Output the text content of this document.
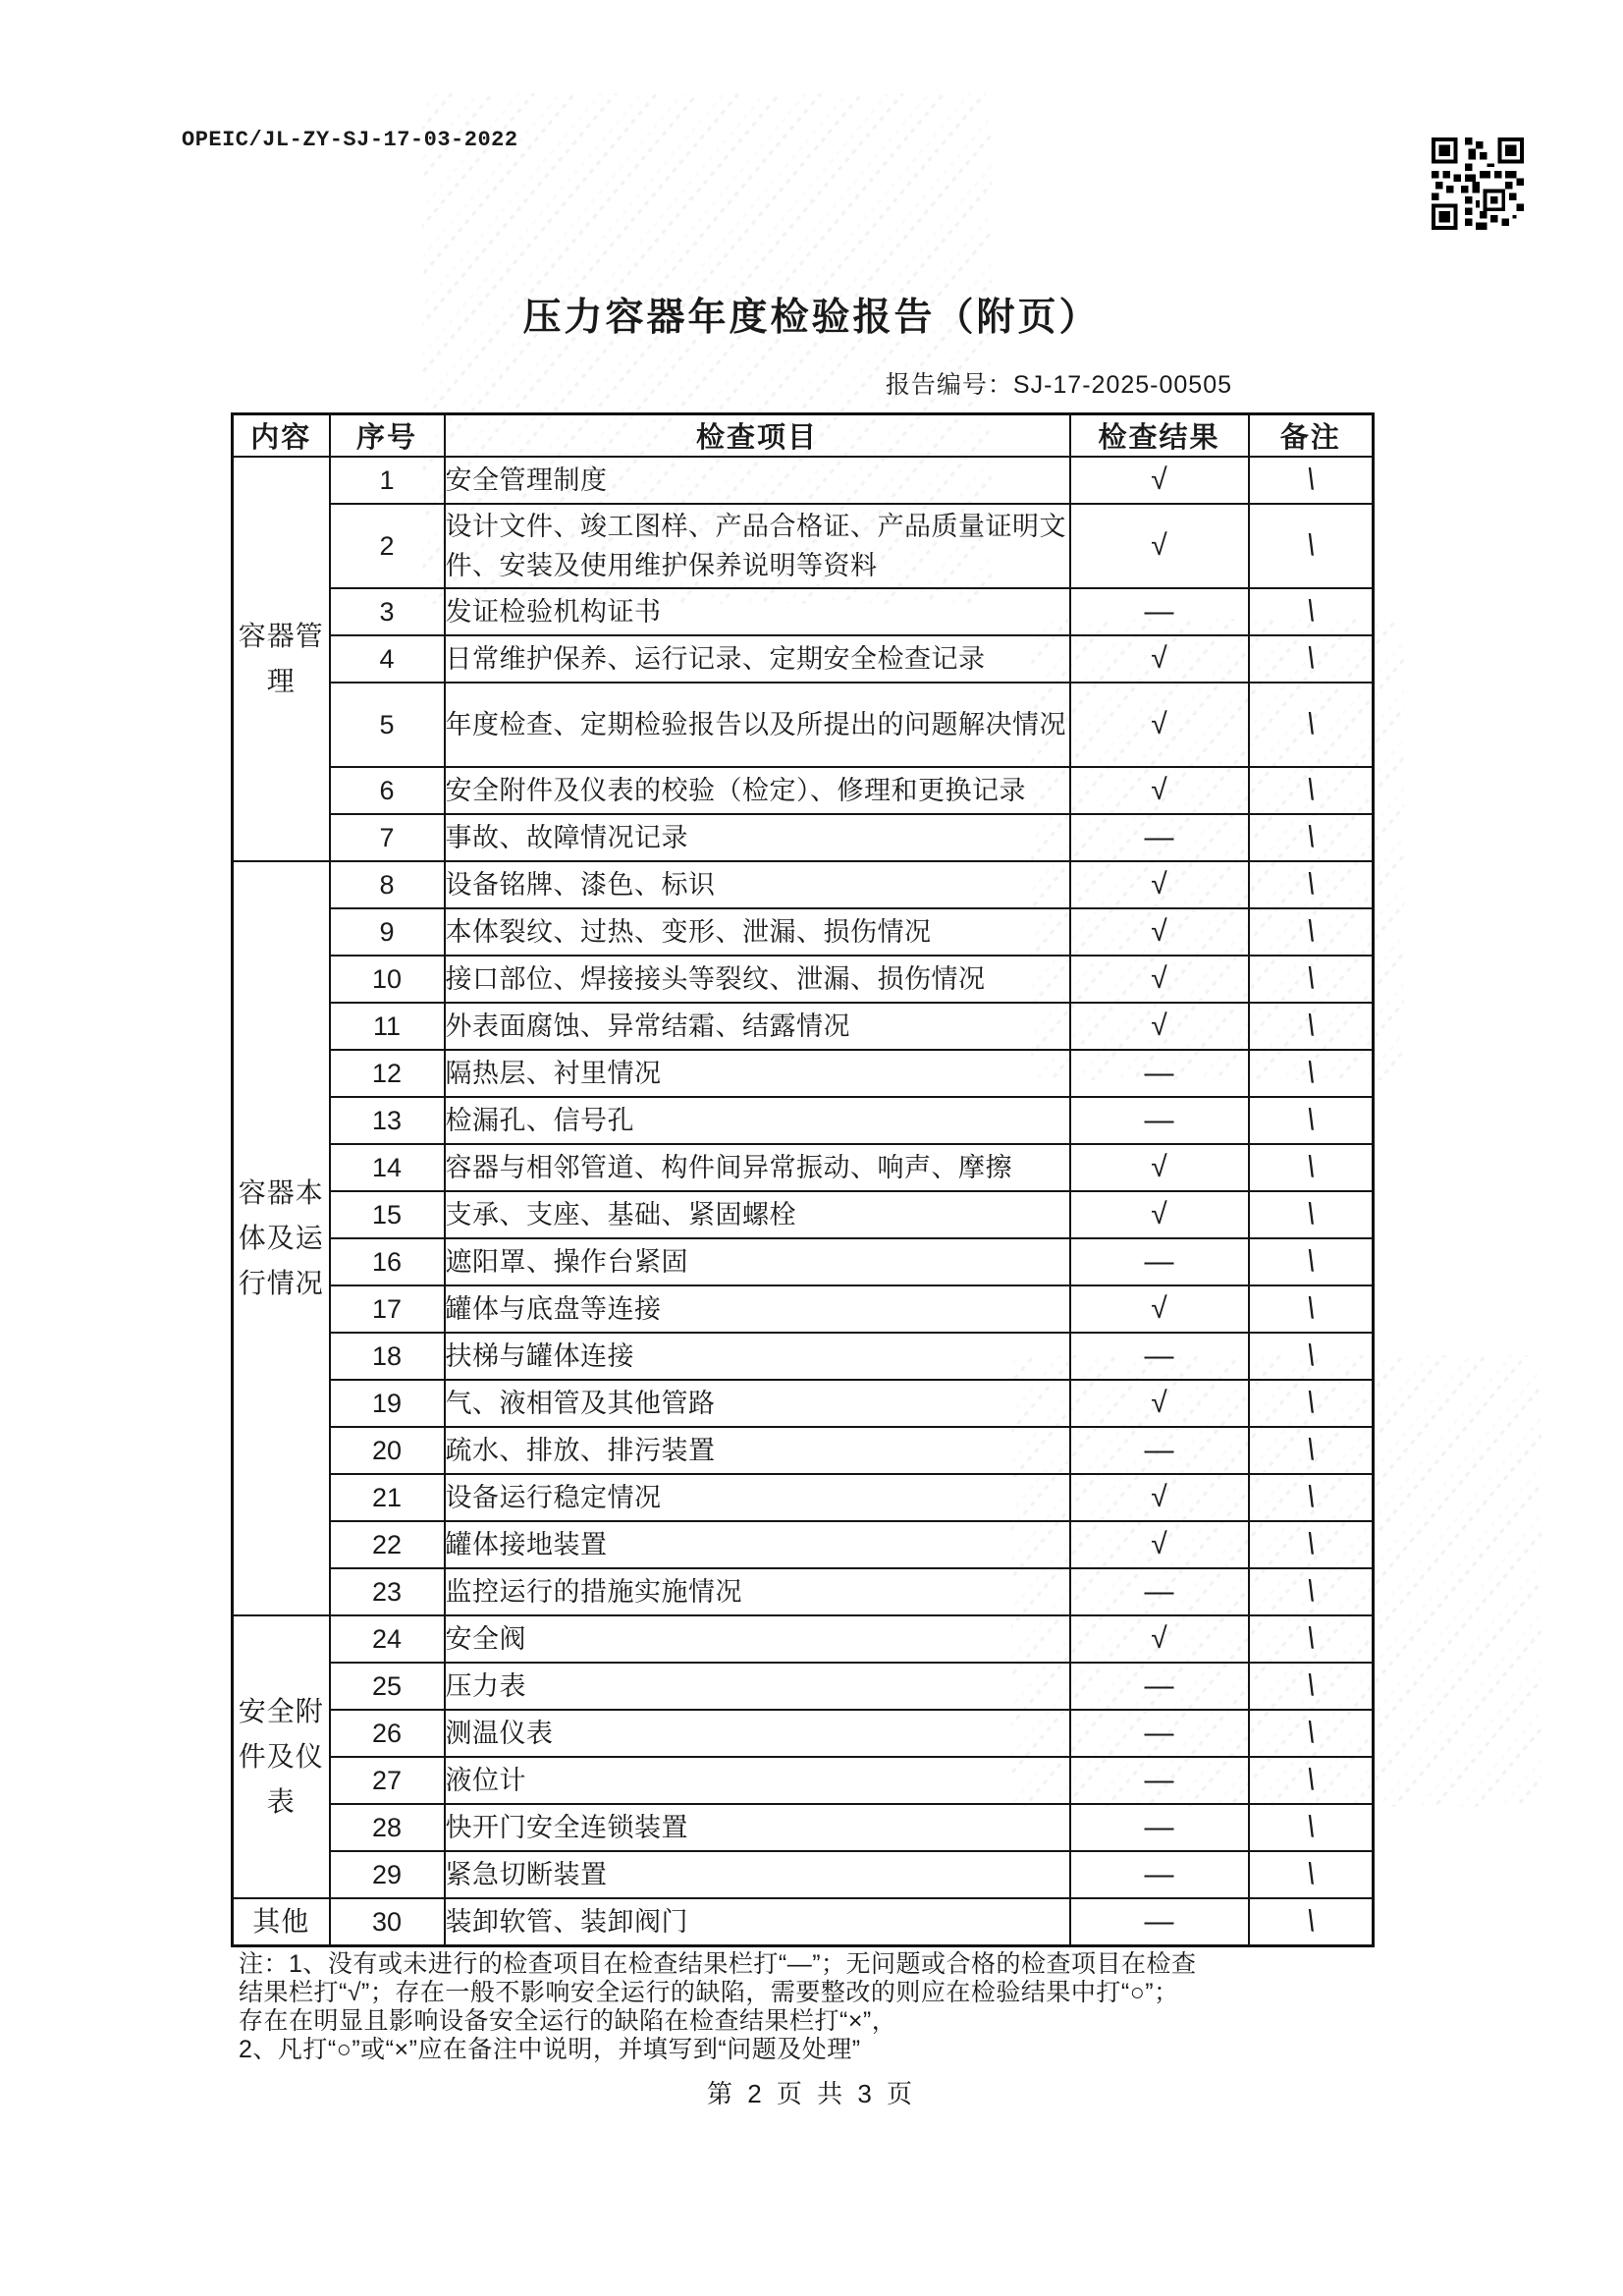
OPEIC/JL-ZY-SJ-17-03-2022
压力容器年度检验报告（附页）
报告编号：SJ-17-2025-00505
内容	序号	检查项目	检查结果	备注
容器管理	1	安全管理制度	√	\
	2	设计文件、竣工图样、产品合格证、产品质量证明文件、安装及使用维护保养说明等资料	√	\
	3	发证检验机构证书	—	\
	4	日常维护保养、运行记录、定期安全检查记录	√	\
	5	年度检查、定期检验报告以及所提出的问题解决情况	√	\
	6	安全附件及仪表的校验（检定）、修理和更换记录	√	\
	7	事故、故障情况记录	—	\
容器本体及运行情况	8	设备铭牌、漆色、标识	√	\
	9	本体裂纹、过热、变形、泄漏、损伤情况	√	\
	10	接口部位、焊接接头等裂纹、泄漏、损伤情况	√	\
	11	外表面腐蚀、异常结霜、结露情况	√	\
	12	隔热层、衬里情况	—	\
	13	检漏孔、信号孔	—	\
	14	容器与相邻管道、构件间异常振动、响声、摩擦	√	\
	15	支承、支座、基础、紧固螺栓	√	\
	16	遮阳罩、操作台紧固	—	\
	17	罐体与底盘等连接	√	\
	18	扶梯与罐体连接	—	\
	19	气、液相管及其他管路	√	\
	20	疏水、排放、排污装置	—	\
	21	设备运行稳定情况	√	\
	22	罐体接地装置	√	\
	23	监控运行的措施实施情况	—	\
安全附件及仪表	24	安全阀	√	\
	25	压力表	—	\
	26	测温仪表	—	\
	27	液位计	—	\
	28	快开门安全连锁装置	—	\
	29	紧急切断装置	—	\
其他	30	装卸软管、装卸阀门	—	\
注：1、没有或未进行的检查项目在检查结果栏打“—”；无问题或合格的检查项目在检查
结果栏打“√”；存在一般不影响安全运行的缺陷，需要整改的则应在检验结果中打“○”；
存在在明显且影响设备安全运行的缺陷在检查结果栏打“×”，
2、凡打“○”或“×”应在备注中说明，并填写到“问题及处理”
第 2 页 共 3 页
